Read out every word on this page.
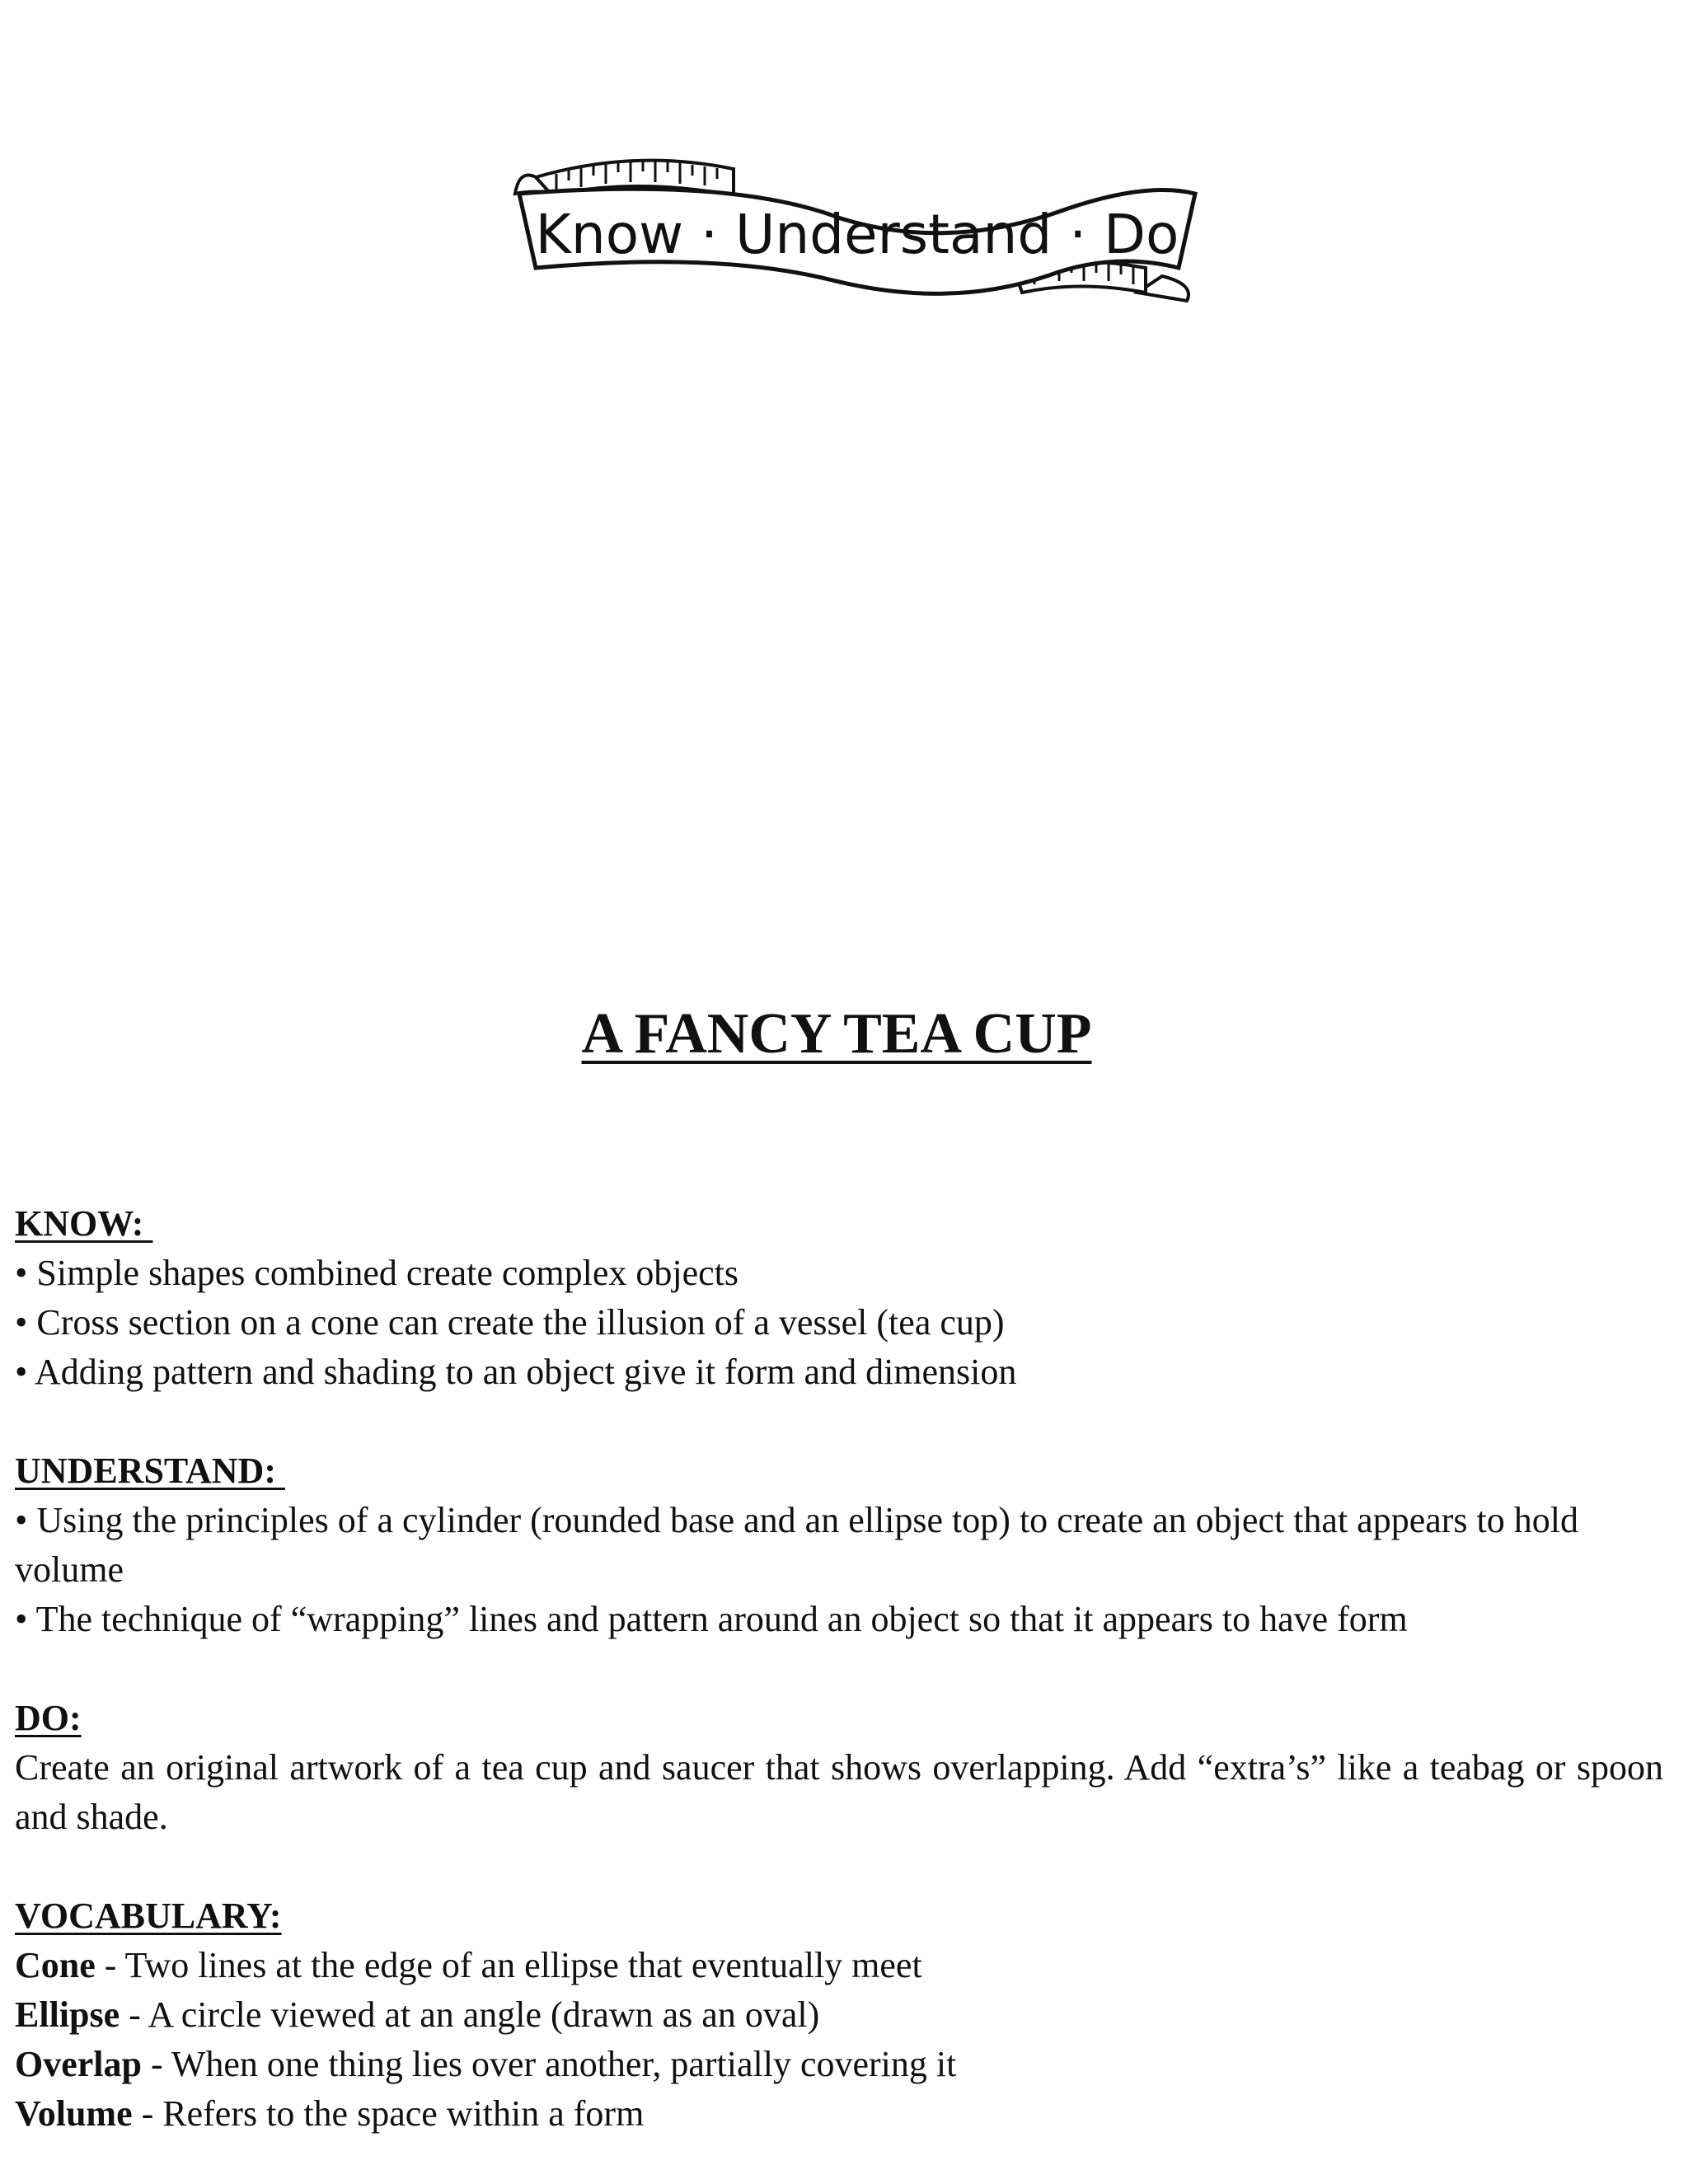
Know · Understand · Do
A FANCY TEA CUP
KNOW:
• Simple shapes combined create complex objects
• Cross section on a cone can create the illusion of a vessel (tea cup)
• Adding pattern and shading to an object give it form and dimension
UNDERSTAND:
• Using the principles of a cylinder (rounded base and an ellipse top) to create an object that appears to hold volume
• The technique of “wrapping” lines and pattern around an object so that it appears to have form
DO:
Create an original artwork of a tea cup and saucer that shows overlapping. Add “extra’s” like a teabag or spoon and shade.
VOCABULARY:
Cone - Two lines at the edge of an ellipse that eventually meet
Ellipse - A circle viewed at an angle (drawn as an oval)
Overlap - When one thing lies over another, partially covering it
Volume - Refers to the space within a form
